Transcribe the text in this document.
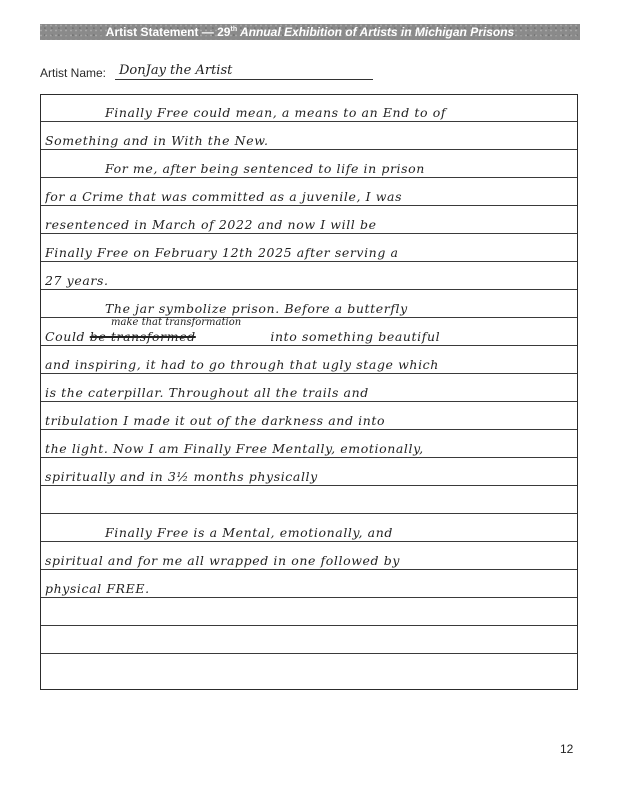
Artist Statement — 29th Annual Exhibition of Artists in Michigan Prisons
Artist Name: DonJay the Artist
Finally Free could mean, a means to an End to of
Something and in With the New.
For me, after being sentenced to life in prison
for a Crime that was committed as a juvenile, I was
resentenced in March of 2022 and now I will be
Finally Free on February 12th 2025 after serving a
27 years.
The jar symbolize prison. Before a butterfly
make that transformation
Could be transformed	into something beautiful
and inspiring, it had to go through that ugly stage which
is the caterpillar. Throughout all the trails and
tribulation I made it out of the darkness and into
the light. Now I am Finally Free Mentally, emotionally,
spiritually and in 3½ months physically
Finally Free is a Mental, emotionally, and
spiritual and for me all wrapped in one followed by
physical FREE.
12
